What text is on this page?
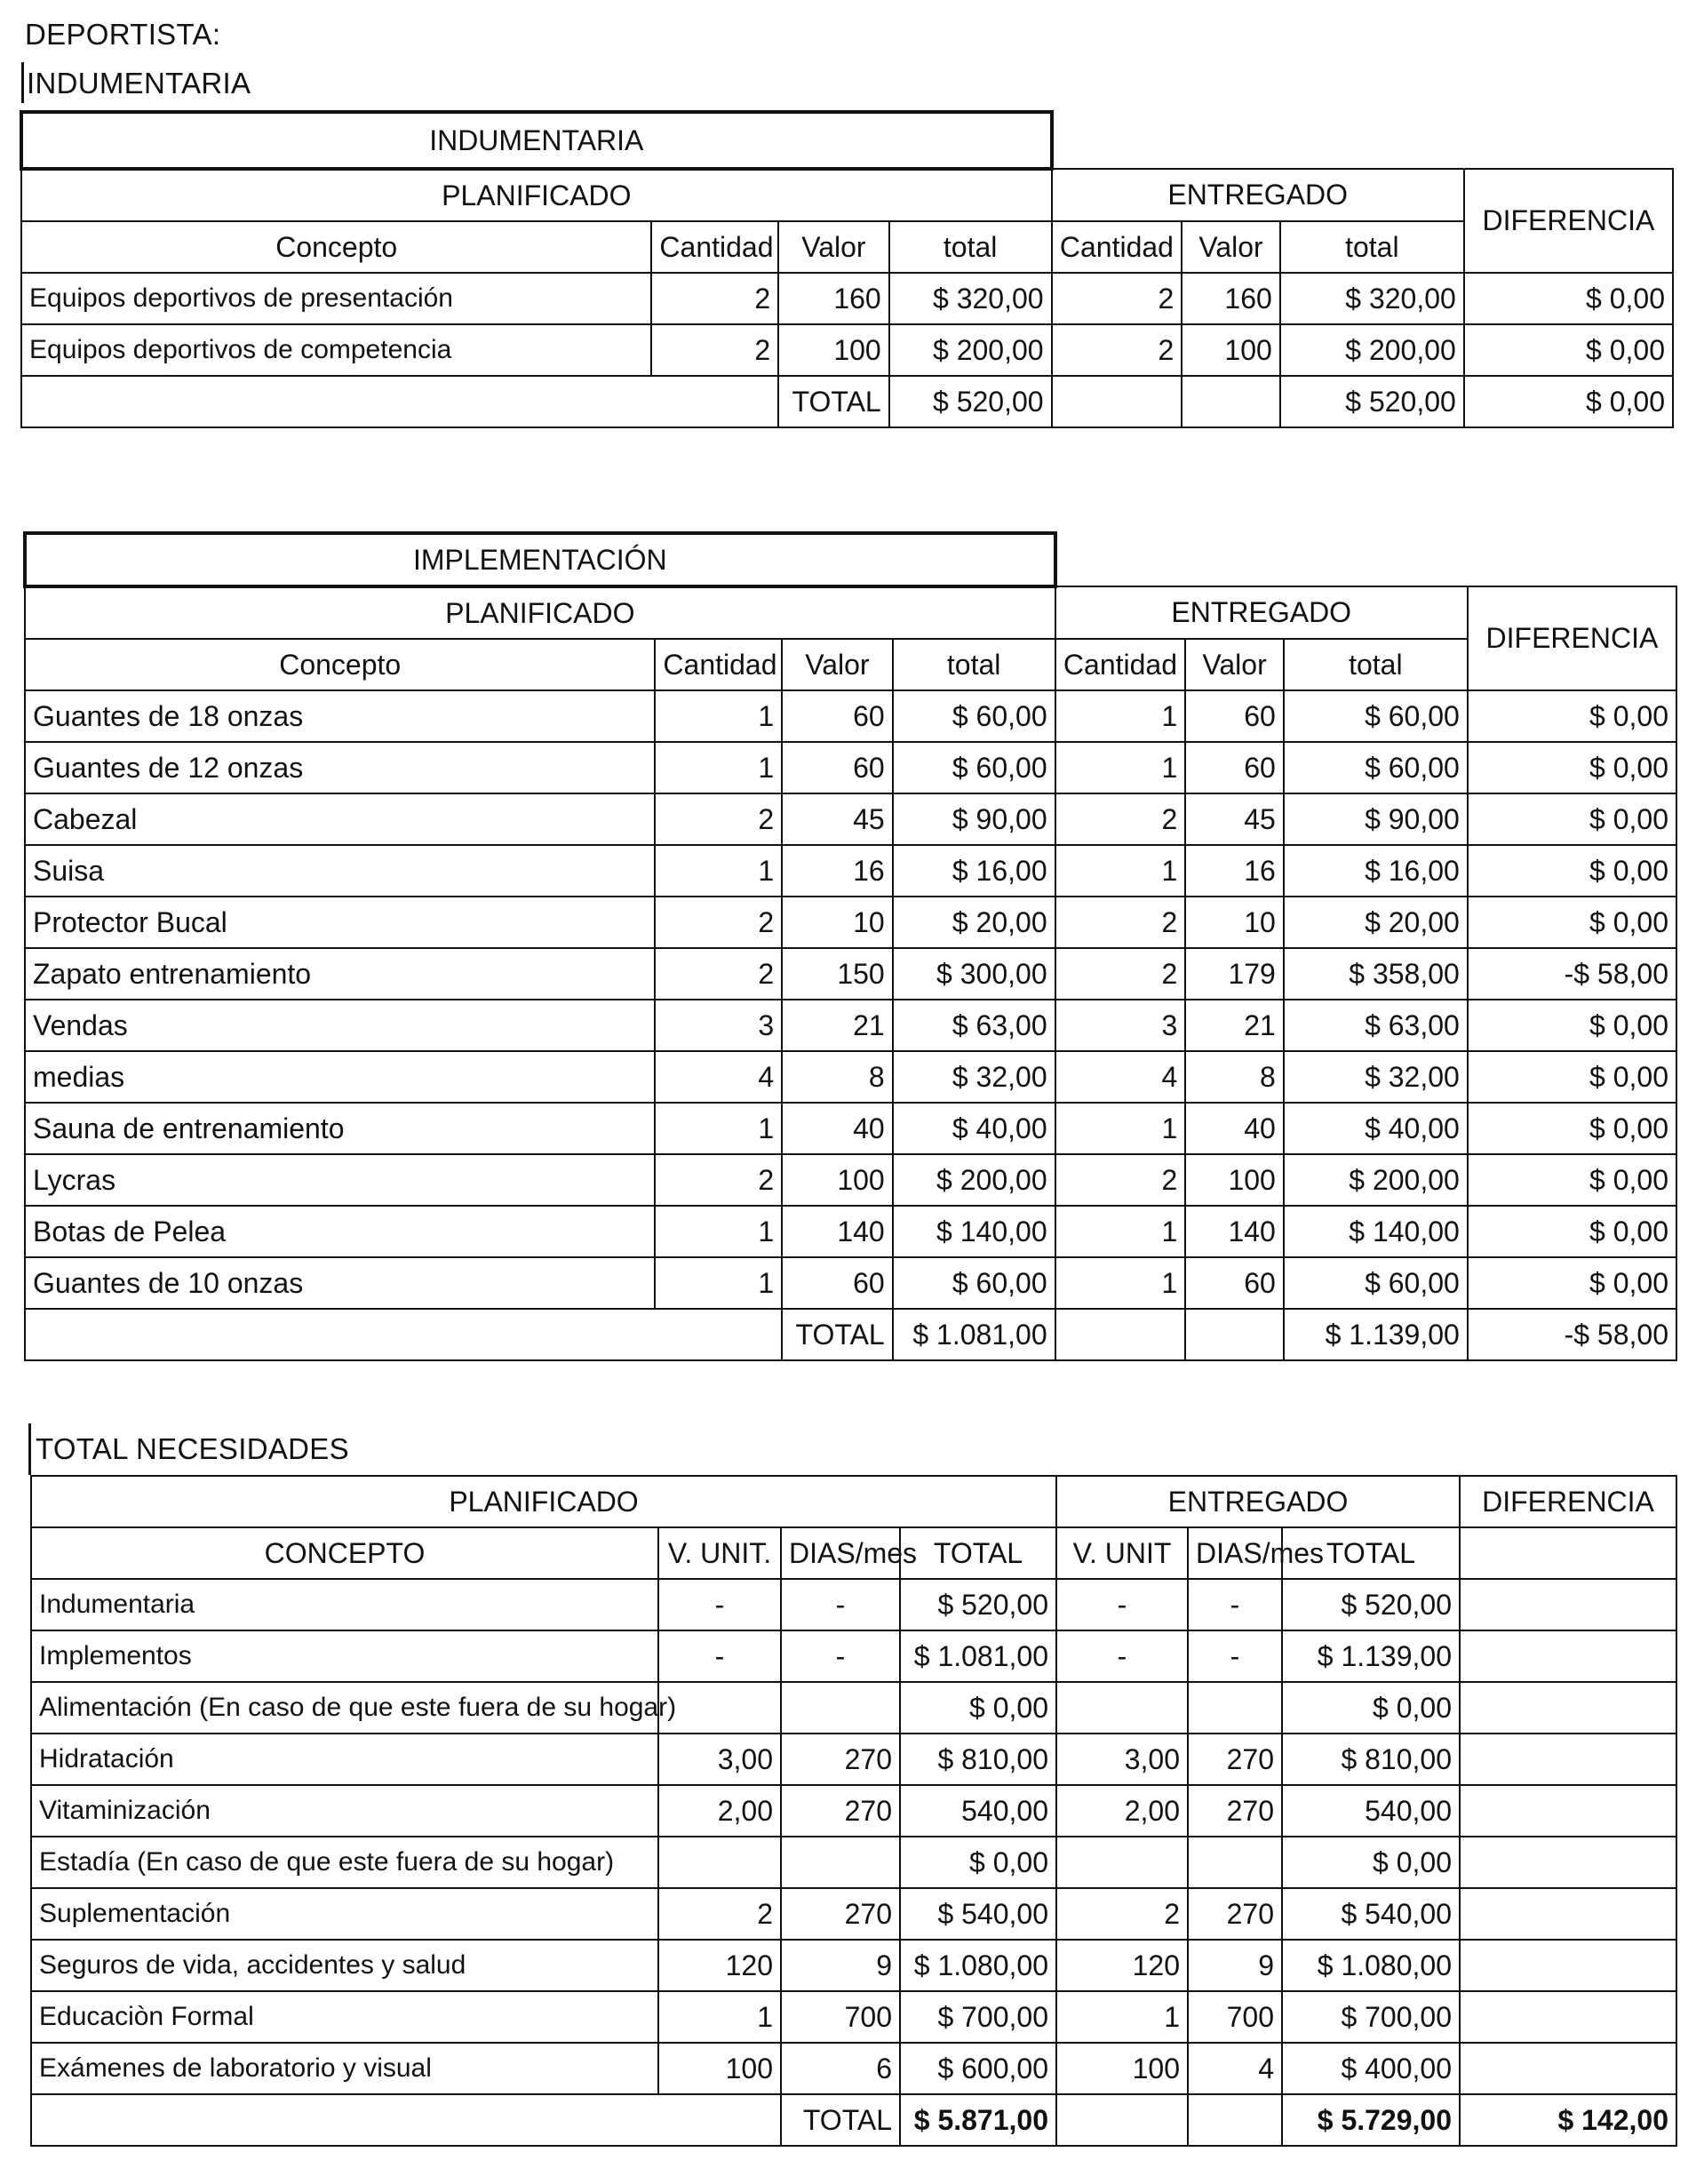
DEPORTISTA:
INDUMENTARIA
INDUMENTARIA							
PLANIFICADO				ENTREGADO			DIFERENCIA
Concepto	Cantidad	Valor	total	Cantidad	Valor	total	
Equipos deportivos de presentación	2	160	$ 320,00	2	160	$ 320,00	$ 0,00
Equipos deportivos de competencia	2	100	$ 200,00	2	100	$ 200,00	$ 0,00
		TOTAL	$ 520,00			$ 520,00	$ 0,00
IMPLEMENTACIÓN							
PLANIFICADO				ENTREGADO			DIFERENCIA
Concepto	Cantidad	Valor	total	Cantidad	Valor	total	
Guantes de 18 onzas	1	60	$ 60,00	1	60	$ 60,00	$ 0,00
Guantes de 12 onzas	1	60	$ 60,00	1	60	$ 60,00	$ 0,00
Cabezal	2	45	$ 90,00	2	45	$ 90,00	$ 0,00
Suisa	1	16	$ 16,00	1	16	$ 16,00	$ 0,00
Protector Bucal	2	10	$ 20,00	2	10	$ 20,00	$ 0,00
Zapato entrenamiento	2	150	$ 300,00	2	179	$ 358,00	-$ 58,00
Vendas	3	21	$ 63,00	3	21	$ 63,00	$ 0,00
medias	4	8	$ 32,00	4	8	$ 32,00	$ 0,00
Sauna de entrenamiento	1	40	$ 40,00	1	40	$ 40,00	$ 0,00
Lycras	2	100	$ 200,00	2	100	$ 200,00	$ 0,00
Botas de Pelea	1	140	$ 140,00	1	140	$ 140,00	$ 0,00
Guantes de 10 onzas	1	60	$ 60,00	1	60	$ 60,00	$ 0,00
		TOTAL	$ 1.081,00			$ 1.139,00	-$ 58,00
TOTAL NECESIDADES
PLANIFICADO				ENTREGADO			DIFERENCIA
CONCEPTO	V. UNIT.	DIAS/mes	TOTAL	V. UNIT	DIAS/mes	TOTAL	
Indumentaria	-	-	$ 520,00	-	-	$ 520,00	
Implementos	-	-	$ 1.081,00	-	-	$ 1.139,00	
Alimentación (En caso de que este fuera de su hogar)			$ 0,00			$ 0,00	
Hidratación	3,00	270	$ 810,00	3,00	270	$ 810,00	
Vitaminización	2,00	270	540,00	2,00	270	540,00	
Estadía (En caso de que este fuera de su hogar)			$ 0,00			$ 0,00	
Suplementación	2	270	$ 540,00	2	270	$ 540,00	
Seguros de vida, accidentes y salud	120	9	$ 1.080,00	120	9	$ 1.080,00	
Educaciòn Formal	1	700	$ 700,00	1	700	$ 700,00	
Exámenes de laboratorio y visual	100	6	$ 600,00	100	4	$ 400,00	
		TOTAL	$ 5.871,00			$ 5.729,00	$ 142,00
